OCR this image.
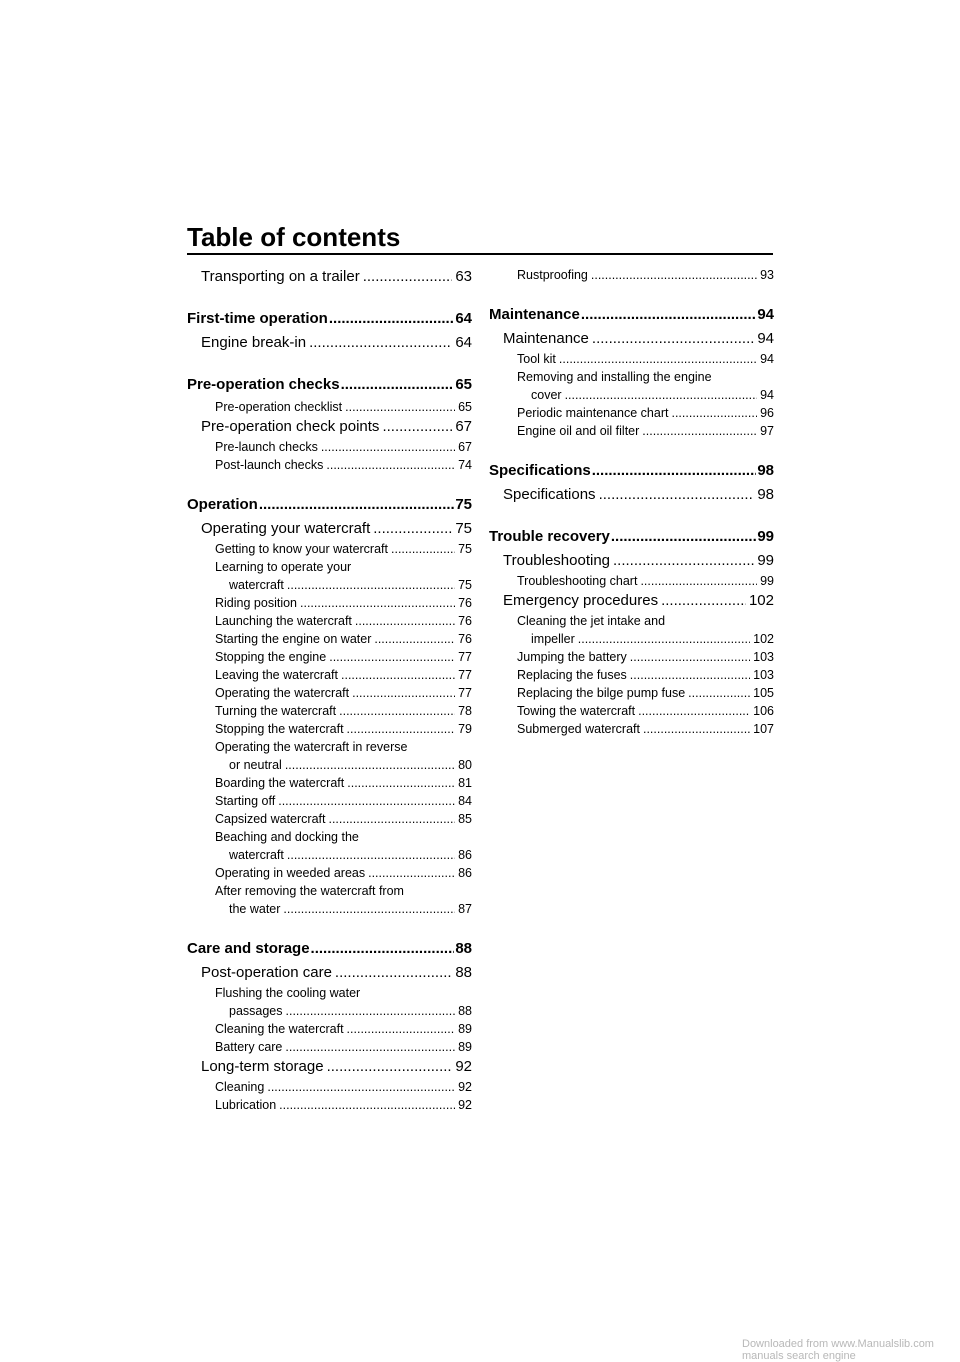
Table of contents
Transporting on a trailer .....	63
First-time operation .....	64
Engine break-in .....	64
Pre-operation checks .....	65
Pre-operation checklist .....	65
Pre-operation check points .....	67
Pre-launch checks .....	67
Post-launch checks .....	74
Operation .....	75
Operating your watercraft .....	75
Getting to know your watercraft .....	75
Learning to operate your
watercraft .....	75
Riding position .....	76
Launching the watercraft .....	76
Starting the engine on water .....	76
Stopping the engine .....	77
Leaving the watercraft .....	77
Operating the watercraft .....	77
Turning the watercraft .....	78
Stopping the watercraft .....	79
Operating the watercraft in reverse
or neutral .....	80
Boarding the watercraft .....	81
Starting off .....	84
Capsized watercraft .....	85
Beaching and docking the
watercraft .....	86
Operating in weeded areas .....	86
After removing the watercraft from
the water .....	87
Care and storage .....	88
Post-operation care .....	88
Flushing the cooling water
passages .....	88
Cleaning the watercraft .....	89
Battery care .....	89
Long-term storage .....	92
Cleaning .....	92
Lubrication .....	92
Rustproofing .....	93
Maintenance .....	94
Maintenance .....	94
Tool kit .....	94
Removing and installing the engine
cover .....	94
Periodic maintenance chart .....	96
Engine oil and oil filter .....	97
Specifications .....	98
Specifications .....	98
Trouble recovery .....	99
Troubleshooting .....	99
Troubleshooting chart .....	99
Emergency procedures .....	102
Cleaning the jet intake and
impeller .....	102
Jumping the battery .....	103
Replacing the fuses .....	103
Replacing the bilge pump fuse .....	105
Towing the watercraft .....	106
Submerged watercraft .....	107
Downloaded from www.Manualslib.com manuals search engine
